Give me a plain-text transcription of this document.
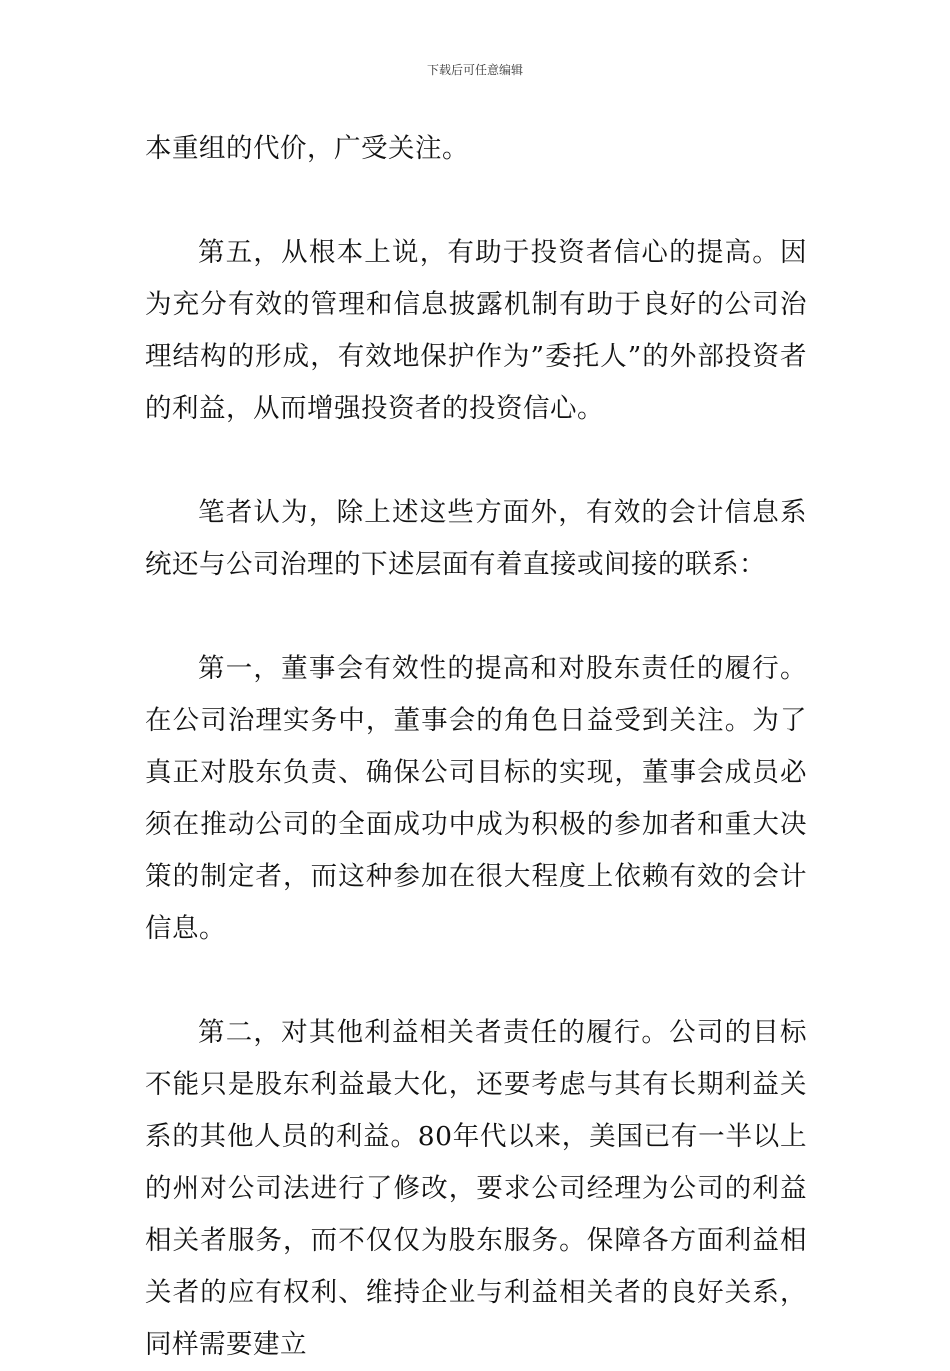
下载后可任意编辑

本重组的代价，广受关注。

第五，从根本上说，有助于投资者信心的提高。因为充分有效的管理和信息披露机制有助于良好的公司治理结构的形成，有效地保护作为”委托人”的外部投资者的利益，从而增强投资者的投资信心。

笔者认为，除上述这些方面外，有效的会计信息系统还与公司治理的下述层面有着直接或间接的联系：

第一，董事会有效性的提高和对股东责任的履行。在公司治理实务中，董事会的角色日益受到关注。为了真正对股东负责、确保公司目标的实现，董事会成员必须在推动公司的全面成功中成为积极的参加者和重大决策的制定者，而这种参加在很大程度上依赖有效的会计信息。

第二，对其他利益相关者责任的履行。公司的目标不能只是股东利益最大化，还要考虑与其有长期利益关系的其他人员的利益。80年代以来，美国已有一半以上的州对公司法进行了修改，要求公司经理为公司的利益相关者服务，而不仅仅为股东服务。保障各方面利益相关者的应有权利、维持企业与利益相关者的良好关系，同样需要建立
